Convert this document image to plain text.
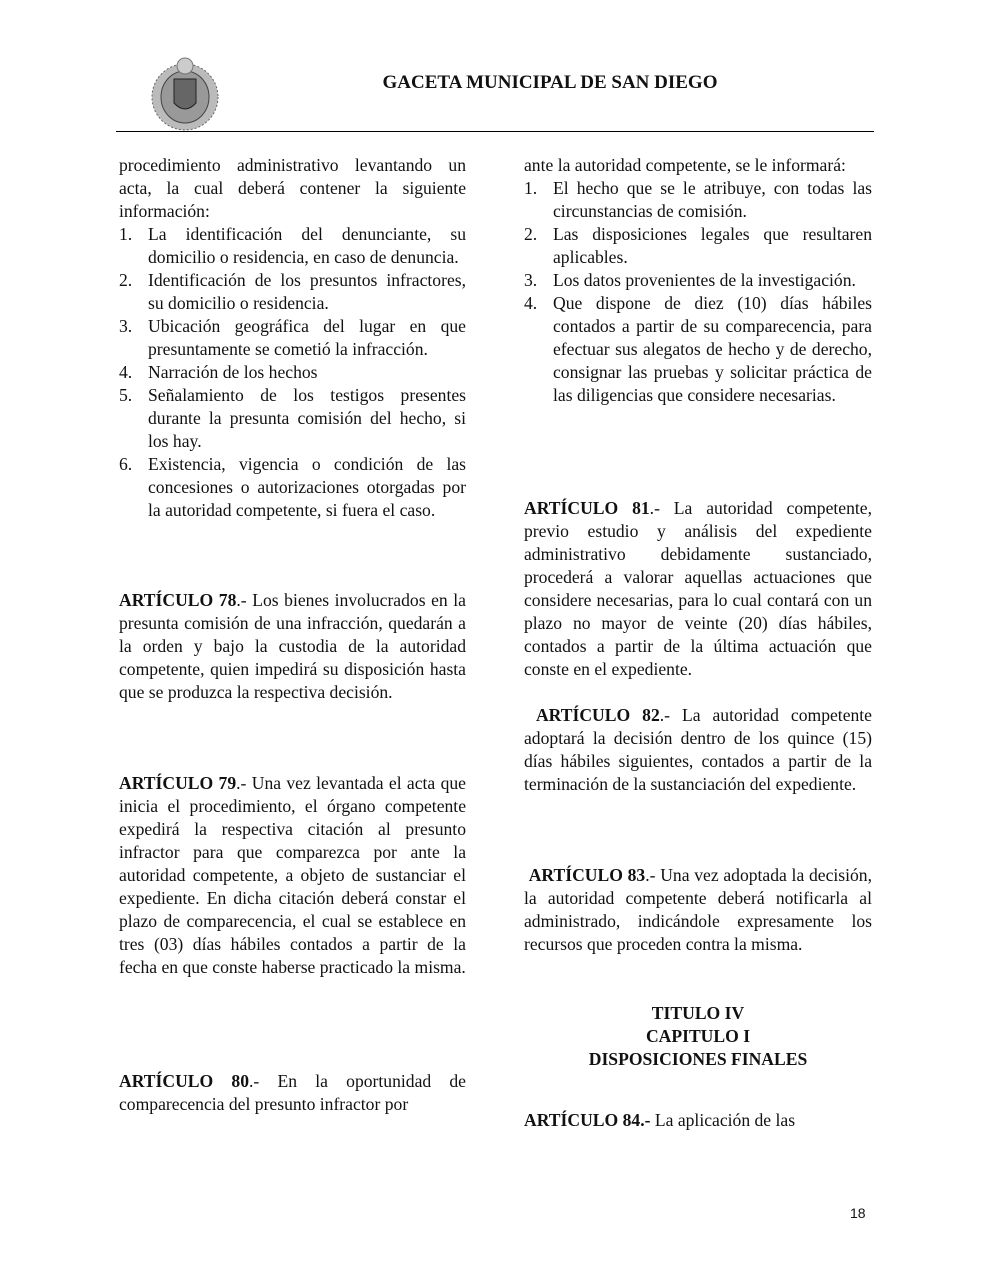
GACETA MUNICIPAL DE SAN DIEGO

procedimiento administrativo levantando un acta, la cual deberá contener la siguiente información:

1. La identificación del denunciante, su domicilio o residencia, en caso de denuncia.
2. Identificación de los presuntos infractores, su domicilio o residencia.
3. Ubicación geográfica del lugar en que presuntamente se cometió la infracción.
4. Narración de los hechos
5. Señalamiento de los testigos presentes durante la presunta comisión del hecho, si los hay.
6. Existencia, vigencia o condición de las concesiones o autorizaciones otorgadas por la autoridad competente, si fuera el caso.

ARTÍCULO 78.- Los bienes involucrados en la presunta comisión de una infracción, quedarán a la orden y bajo la custodia de la autoridad competente, quien impedirá su disposición hasta que se produzca la respectiva decisión.

ARTÍCULO 79.- Una vez levantada el acta que inicia el procedimiento, el órgano competente expedirá la respectiva citación al presunto infractor para que comparezca por ante la autoridad competente, a objeto de sustanciar el expediente. En dicha citación deberá constar el plazo de comparecencia, el cual se establece en tres (03) días hábiles contados a partir de la fecha en que conste haberse practicado la misma.

ARTÍCULO 80.- En la oportunidad de comparecencia del presunto infractor por

ante la autoridad competente, se le informará:

1. El hecho que se le atribuye, con todas las circunstancias de comisión.
2. Las disposiciones legales que resultaren aplicables.
3. Los datos provenientes de la investigación.
4. Que dispone de diez (10) días hábiles contados a partir de su comparecencia, para efectuar sus alegatos de hecho y de derecho, consignar las pruebas y solicitar práctica de las diligencias que considere necesarias.

ARTÍCULO 81.- La autoridad competente, previo estudio y análisis del expediente administrativo debidamente sustanciado, procederá a valorar aquellas actuaciones que considere necesarias, para lo cual contará con un plazo no mayor de veinte (20) días hábiles, contados a partir de la última actuación que conste en el expediente.

ARTÍCULO 82.- La autoridad competente adoptará la decisión dentro de los quince (15) días hábiles siguientes, contados a partir de la terminación de la sustanciación del expediente.

ARTÍCULO 83.- Una vez adoptada la decisión, la autoridad competente deberá notificarla al administrado, indicándole expresamente los recursos que proceden contra la misma.

TITULO IV
CAPITULO I
DISPOSICIONES FINALES

ARTÍCULO 84.- La aplicación de las

18
